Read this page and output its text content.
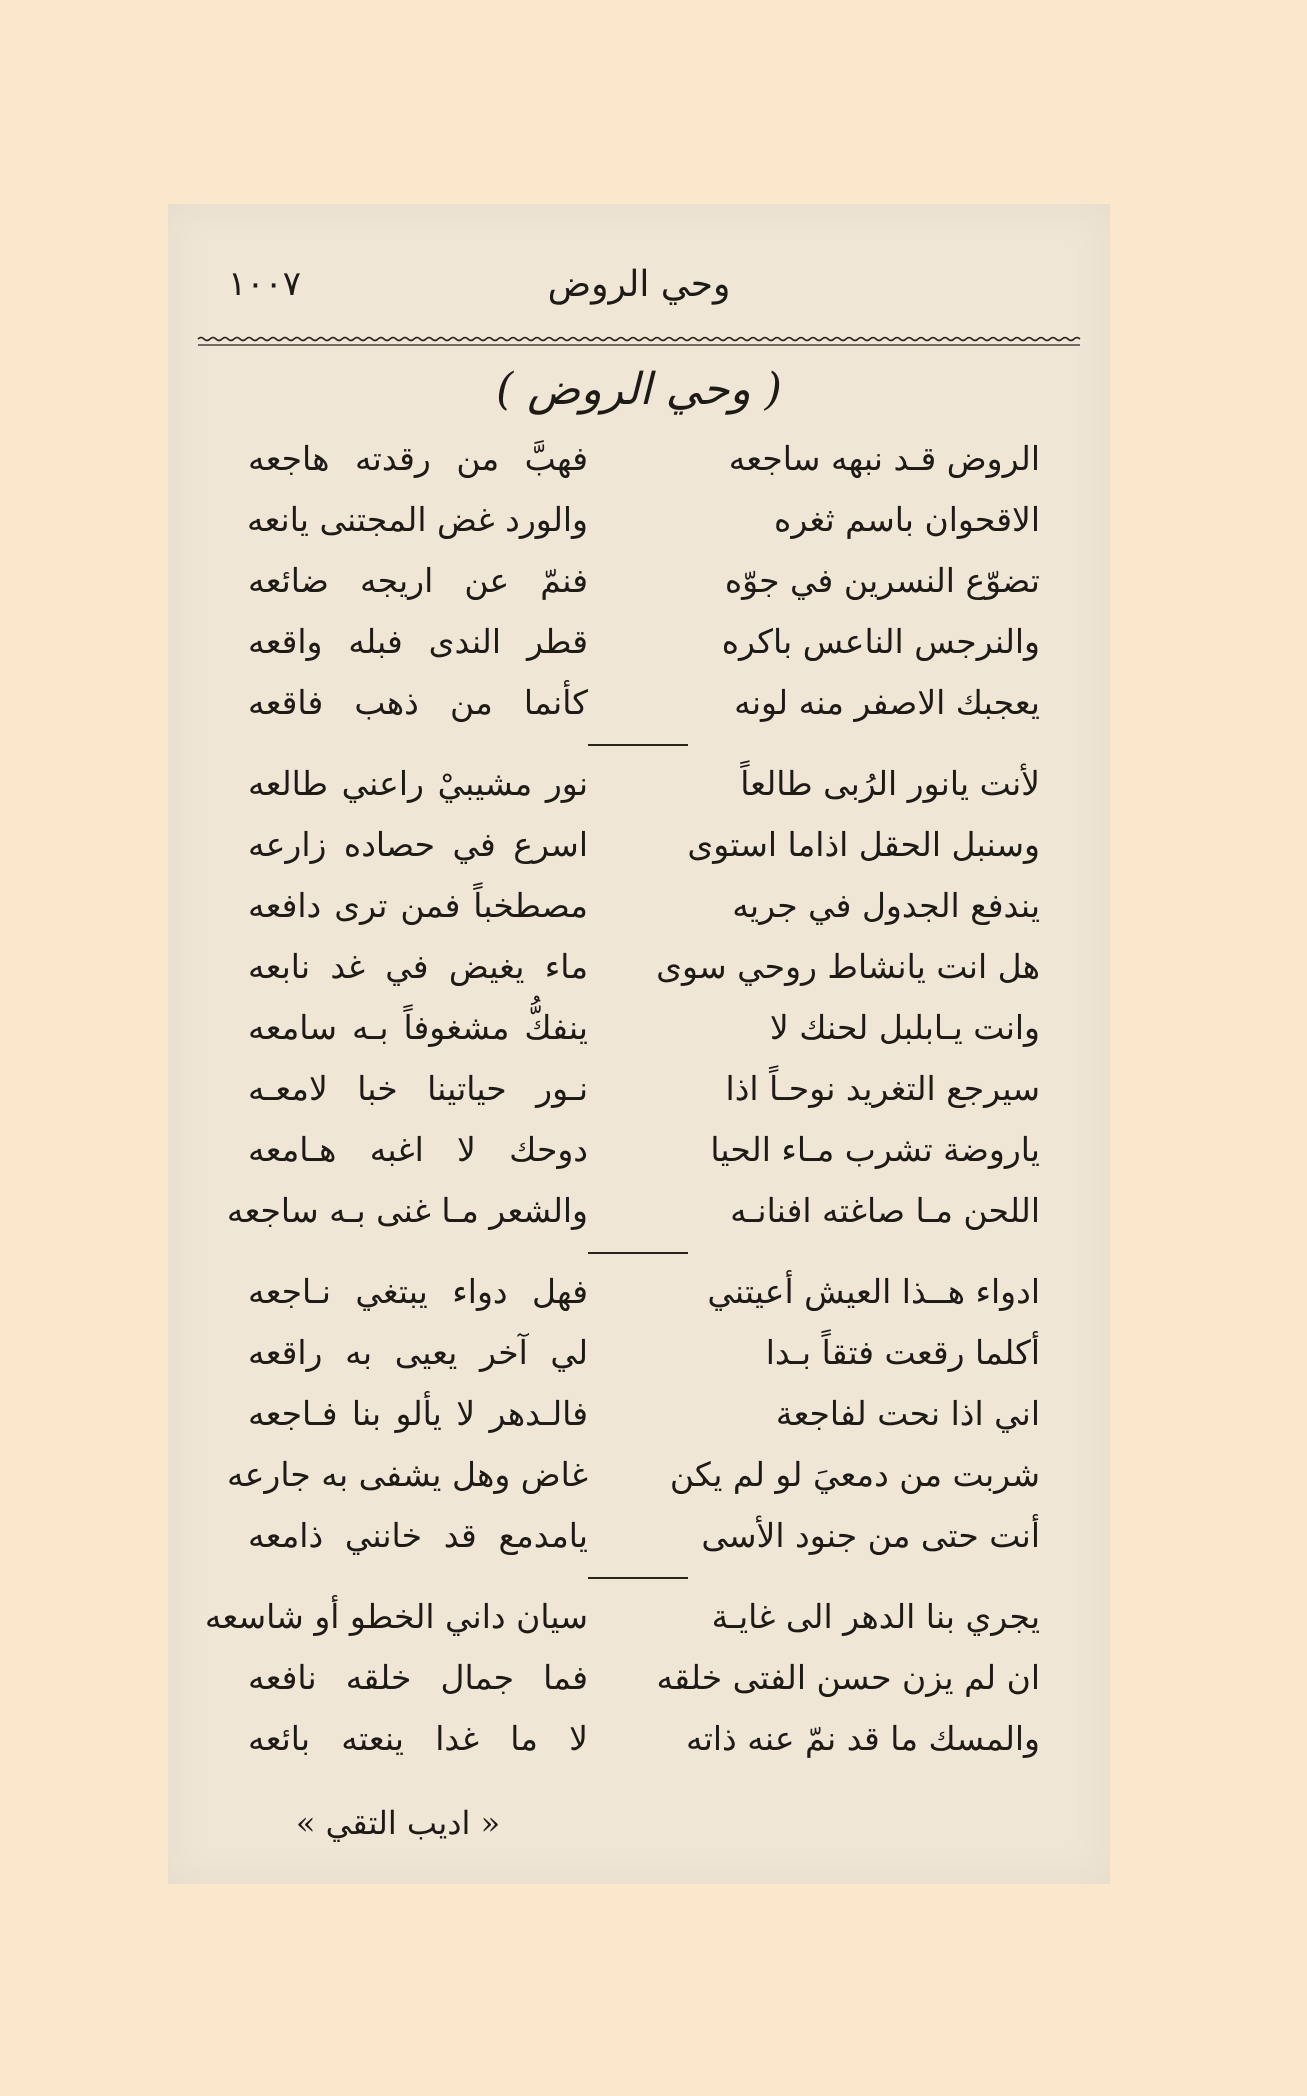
وحي الروض
١٠٠٧
( وحي الروض )
الروض قـد نبهه ساجعه
فهبَّ من رقدته هاجعه
الاقحوان باسم ثغره
والورد غض المجتنى يانعه
تضوّع النسرين في جوّه
فنمّ عن اريجه ضائعه
والنرجس الناعس باكره
قطر الندى فبله واقعه
يعجبك الاصفر منه لونه
كأنما من ذهب فاقعه
لأنت يانور الرُبى طالعاً
نور مشيبيْ راعني طالعه
وسنبل الحقل اذاما استوى
اسرع في حصاده زارعه
يندفع الجدول في جريه
مصطخباً فمن ترى دافعه
هل انت يانشاط روحي سوى
ماء يغيض في غد نابعه
وانت يـابلبل لحنك لا
ينفكُّ مشغوفاً بـه سامعه
سيرجع التغريد نوحـاً اذا
نـور حياتينا خبا لامعـه
ياروضة تشرب مـاء الحيا
دوحك لا اغبه هـامعه
اللحن مـا صاغته افنانـه
والشعر مـا غنى بـه ساجعه
ادواء هــذا العيش أعيتني
فهل دواء يبتغي نـاجعه
أكلما رقعت فتقاً بـدا
لي آخر يعيى به راقعه
اني اذا نحت لفاجعة
فالـدهر لا يألو بنا فـاجعه
شربت من دمعيَ لو لم يكن
غاض وهل يشفى به جارعه
أنت حتى من جنود الأسى
يامدمع قد خانني ذامعه
يجري بنا الدهر الى غايـة
سيان داني الخطو أو شاسعه
ان لم يزن حسن الفتى خلقه
فما جمال خلقه نافعه
والمسك ما قد نمّ عنه ذاته
لا ما غدا ينعته بائعه
« اديب التقي »
